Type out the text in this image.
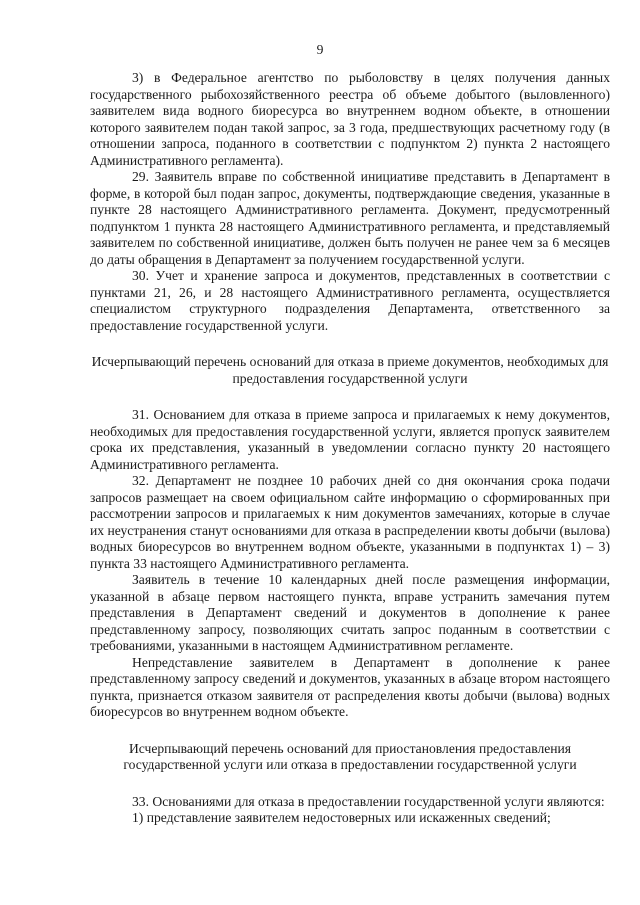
9

3) в Федеральное агентство по рыболовству в целях получения данных государственного рыбохозяйственного реестра об объеме добытого (выловленного) заявителем вида водного биоресурса во внутреннем водном объекте, в отношении которого заявителем подан такой запрос, за 3 года, предшествующих расчетному году (в отношении запроса, поданного в соответствии с подпунктом 2) пункта 2 настоящего Административного регламента).

29. Заявитель вправе по собственной инициативе представить в Департамент в форме, в которой был подан запрос, документы, подтверждающие сведения, указанные в пункте 28 настоящего Административного регламента. Документ, предусмотренный подпунктом 1 пункта 28 настоящего Административного регламента, и представляемый заявителем по собственной инициативе, должен быть получен не ранее чем за 6 месяцев до даты обращения в Департамент за получением государственной услуги.

30. Учет и хранение запроса и документов, представленных в соответствии с пунктами 21, 26, и 28 настоящего Административного регламента, осуществляется специалистом структурного подразделения Департамента, ответственного за предоставление государственной услуги.

Исчерпывающий перечень оснований для отказа в приеме документов, необходимых для предоставления государственной услуги

31. Основанием для отказа в приеме запроса и прилагаемых к нему документов, необходимых для предоставления государственной услуги, является пропуск заявителем срока их представления, указанный в уведомлении согласно пункту 20 настоящего Административного регламента.

32. Департамент не позднее 10 рабочих дней со дня окончания срока подачи запросов размещает на своем официальном сайте информацию о сформированных при рассмотрении запросов и прилагаемых к ним документов замечаниях, которые в случае их неустранения станут основаниями для отказа в распределении квоты добычи (вылова) водных биоресурсов во внутреннем водном объекте, указанными в подпунктах 1) – 3) пункта 33 настоящего Административного регламента.

Заявитель в течение 10 календарных дней после размещения информации, указанной в абзаце первом настоящего пункта, вправе устранить замечания путем представления в Департамент сведений и документов в дополнение к ранее представленному запросу, позволяющих считать запрос поданным в соответствии с требованиями, указанными в настоящем Административном регламенте.

Непредставление заявителем в Департамент в дополнение к ранее представленному запросу сведений и документов, указанных в абзаце втором настоящего пункта, признается отказом заявителя от распределения квоты добычи (вылова) водных биоресурсов во внутреннем водном объекте.

Исчерпывающий перечень оснований для приостановления предоставления государственной услуги или отказа в предоставлении государственной услуги

33. Основаниями для отказа в предоставлении государственной услуги являются:

1) представление заявителем недостоверных или искаженных сведений;
